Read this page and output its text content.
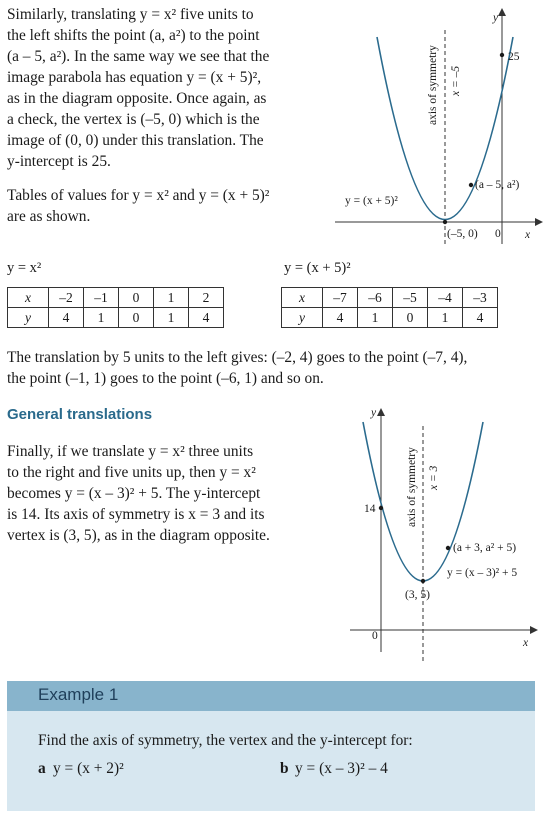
Similarly, translating y = x² five units to

the left shifts the point (a, a²) to the point

(a – 5, a²). In the same way we see that the

image parabola has equation y = (x + 5)²,

as in the diagram opposite. Once again, as

a check, the vertex is (–5, 0) which is the

image of (0, 0) under this translation. The

y-intercept is 25.

Tables of values for y = x² and y = (x + 5)²

are as shown.

y
x
25
(a – 5, a²)
y = (x + 5)²
(–5, 0) 0
axis of symmetry x = –5
y = x²
x	–2	–1	0	1	2
y	4	1	0	1	4
y = (x + 5)²
x	–7	–6	–5	–4	–3
y	4	1	0	1	4

The translation by 5 units to the left gives: (–2, 4) goes to the point (–7, 4),

the point (–1, 1) goes to the point (–6, 1) and so on.

General translations

Finally, if we translate y = x² three units

to the right and five units up, then y = x²

becomes y = (x – 3)² + 5. The y-intercept

is 14. Its axis of symmetry is x = 3 and its

vertex is (3, 5), as in the diagram opposite.

y
x
14
(a + 3, a² + 5)
y = (x – 3)² + 5
(3, 5)
0
axis of symmetry x = 3

Example 1

Find the axis of symmetry, the vertex and the y-intercept for:

a y = (x + 2)²	b y = (x – 3)² – 4
